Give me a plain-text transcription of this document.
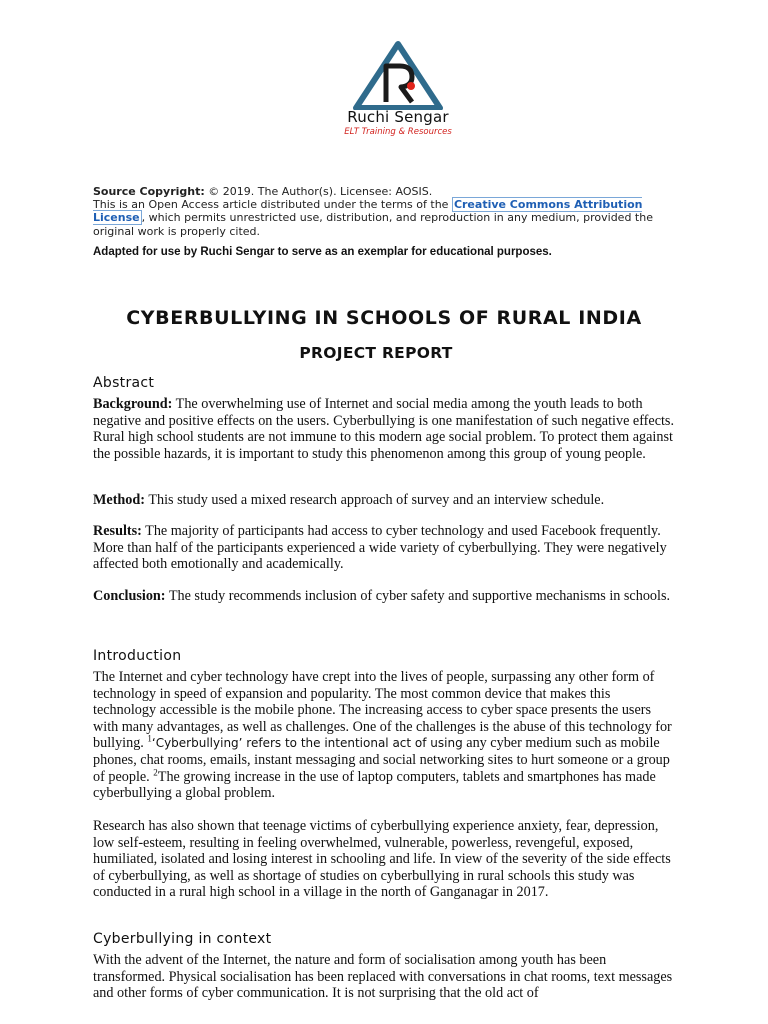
Ruchi Sengar
ELT Training & Resources
Source Copyright: © 2019. The Author(s). Licensee: AOSIS.
This is an Open Access article distributed under the terms of the Creative Commons Attribution License , which permits unrestricted use, distribution, and reproduction in any medium, provided the original work is properly cited.
Adapted for use by Ruchi Sengar to serve as an exemplar for educational purposes.
CYBERBULLYING IN SCHOOLS OF RURAL INDIA
PROJECT REPORT
Abstract
Background: The overwhelming use of Internet and social media among the youth leads to both negative and positive effects on the users. Cyberbullying is one manifestation of such negative effects. Rural high school students are not immune to this modern age social problem. To protect them against the possible hazards, it is important to study this phenomenon among this group of young people.
Method: This study used a mixed research approach of survey and an interview schedule.
Results: The majority of participants had access to cyber technology and used Facebook frequently. More than half of the participants experienced a wide variety of cyberbullying. They were negatively affected both emotionally and academically.
Conclusion: The study recommends inclusion of cyber safety and supportive mechanisms in schools.
Introduction
The Internet and cyber technology have crept into the lives of people, surpassing any other form of technology in speed of expansion and popularity. The most common device that makes this technology accessible is the mobile phone. The increasing access to cyber space presents the users with many advantages, as well as challenges. One of the challenges is the abuse of this technology for bullying. $^1$‘Cyberbullying’ refers to the intentional act of using any cyber medium such as mobile phones, chat rooms, emails, instant messaging and social networking sites to hurt someone or a group of people. $^2$The growing increase in the use of laptop computers, tablets and smartphones has made cyberbullying a global problem.
Research has also shown that teenage victims of cyberbullying experience anxiety, fear, depression, low self-esteem, resulting in feeling overwhelmed, vulnerable, powerless, revengeful, exposed, humiliated, isolated and losing interest in schooling and life. In view of the severity of the side effects of cyberbullying, as well as shortage of studies on cyberbullying in rural schools this study was conducted in a rural high school in a village in the north of Ganganagar in 2017.
Cyberbullying in context
With the advent of the Internet, the nature and form of socialisation among youth has been transformed. Physical socialisation has been replaced with conversations in chat rooms, text messages and other forms of cyber communication. It is not surprising that the old act of
